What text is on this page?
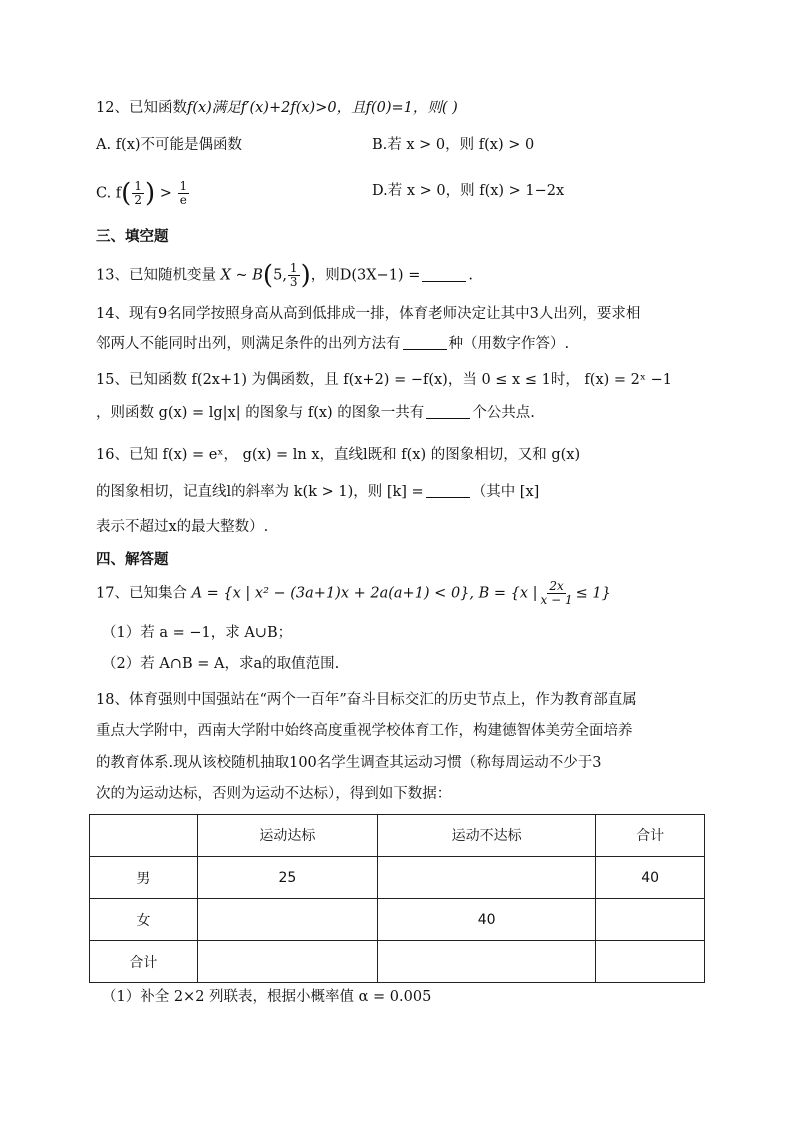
12、已知函数f(x)满足f′(x)+2f(x)>0，且f(0)=1，则( )
A. f(x)不可能是偶函数	B.若 x > 0，则 f(x) > 0
C. $f( \frac{1}{2}$ ) > $\frac{1}{e}$	D.若 x > 0，则 f(x) > 1−2x
三、填空题
13、已知随机变量 X ~ B(5, $\frac{1}{3}$ )，则D(3X−1) =	.
14、现有9名同学按照身高从高到低排成一排，体育老师决定让其中3人出列，要求相
邻两人不能同时出列，则满足条件的出列方法有	种（用数字作答）.
15、已知函数 f(2x+1) 为偶函数，且 f(x+2) = −f(x)，当 0 ≤ x ≤ 1时， f(x) = 2ˣ −1
，则函数 g(x) = lg|x| 的图象与 f(x) 的图象一共有	个公共点.
16、已知 f(x) = eˣ， g(x) = ln x，直线l既和 f(x) 的图象相切，又和 g(x)
的图象相切，记直线l的斜率为 k(k > 1)，则 [k] =	（其中 [x]
表示不超过x的最大整数）.
四、解答题
17、已知集合 A = {x | x² − (3a+1)x + 2a(a+1) < 0}, B = {x | $\frac{2x}{x - 1} \le 1$}
（1）若 a = −1，求 A∪B；
（2）若 A∩B = A，求a的取值范围.
18、体育强则中国强站在“两个一百年”奋斗目标交汇的历史节点上，作为教育部直属
重点大学附中，西南大学附中始终高度重视学校体育工作，构建德智体美劳全面培养
的教育体系.现从该校随机抽取100名学生调查其运动习惯（称每周运动不少于3
次的为运动达标，否则为运动不达标），得到如下数据：
	运动达标	运动不达标	合计
男	25		40
女		40	
合计			
（1）补全 2×2 列联表，根据小概率值 α = 0.005
